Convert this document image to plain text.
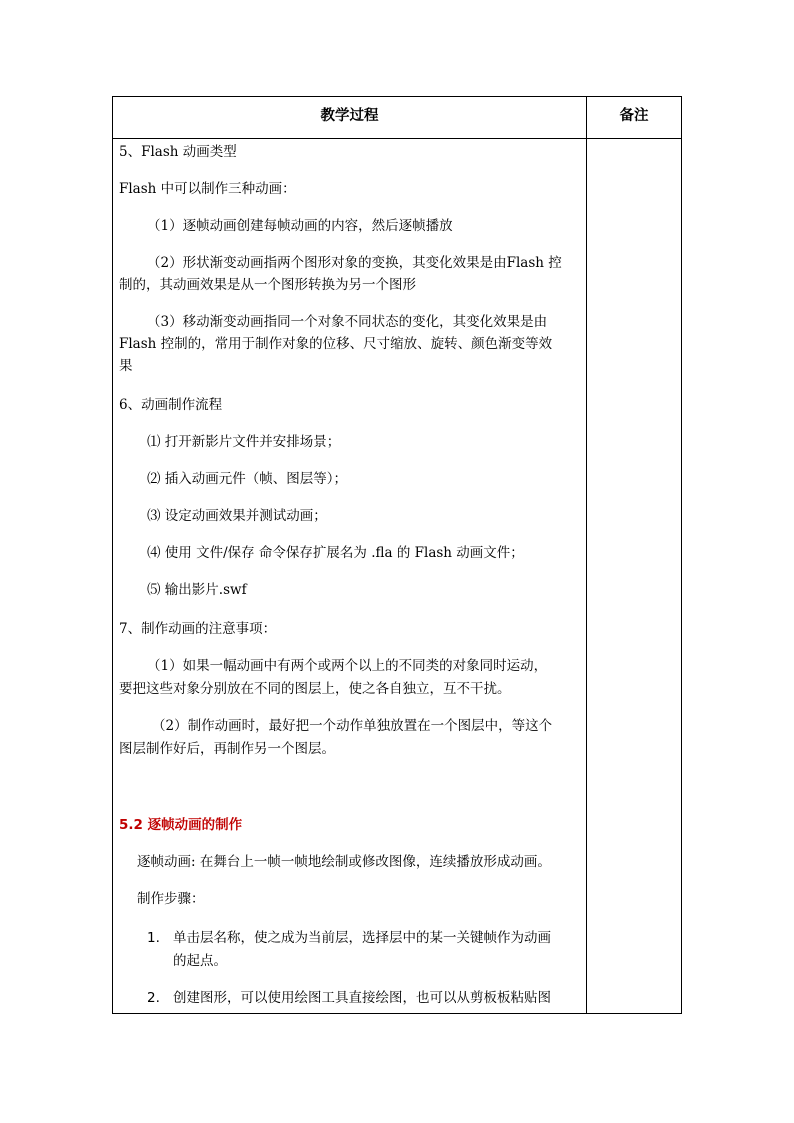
教学过程	备注
5、Flash 动画类型
Flash 中可以制作三种动画：
（1）逐帧动画创建每帧动画的内容，然后逐帧播放
（2）形状渐变动画指两个图形对象的变换，其变化效果是由Flash 控
制的，其动画效果是从一个图形转换为另一个图形
（3）移动渐变动画指同一个对象不同状态的变化，其变化效果是由
Flash 控制的，常用于制作对象的位移、尺寸缩放、旋转、颜色渐变等效
果
6、动画制作流程
⑴ 打开新影片文件并安排场景；
⑵ 插入动画元件（帧、图层等）；
⑶ 设定动画效果并测试动画；
⑷ 使用 文件/保存 命令保存扩展名为 .fla 的 Flash 动画文件；
⑸ 输出影片.swf
7、制作动画的注意事项：
（1）如果一幅动画中有两个或两个以上的不同类的对象同时运动，
要把这些对象分别放在不同的图层上，使之各自独立，互不干扰。
（2）制作动画时，最好把一个动作单独放置在一个图层中，等这个
图层制作好后，再制作另一个图层。
5.2 逐帧动画的制作
逐帧动画: 在舞台上一帧一帧地绘制或修改图像，连续播放形成动画。
制作步骤：
1. 单击层名称，使之成为当前层，选择层中的某一关键帧作为动画
的起点。
2. 创建图形，可以使用绘图工具直接绘图，也可以从剪板板粘贴图
